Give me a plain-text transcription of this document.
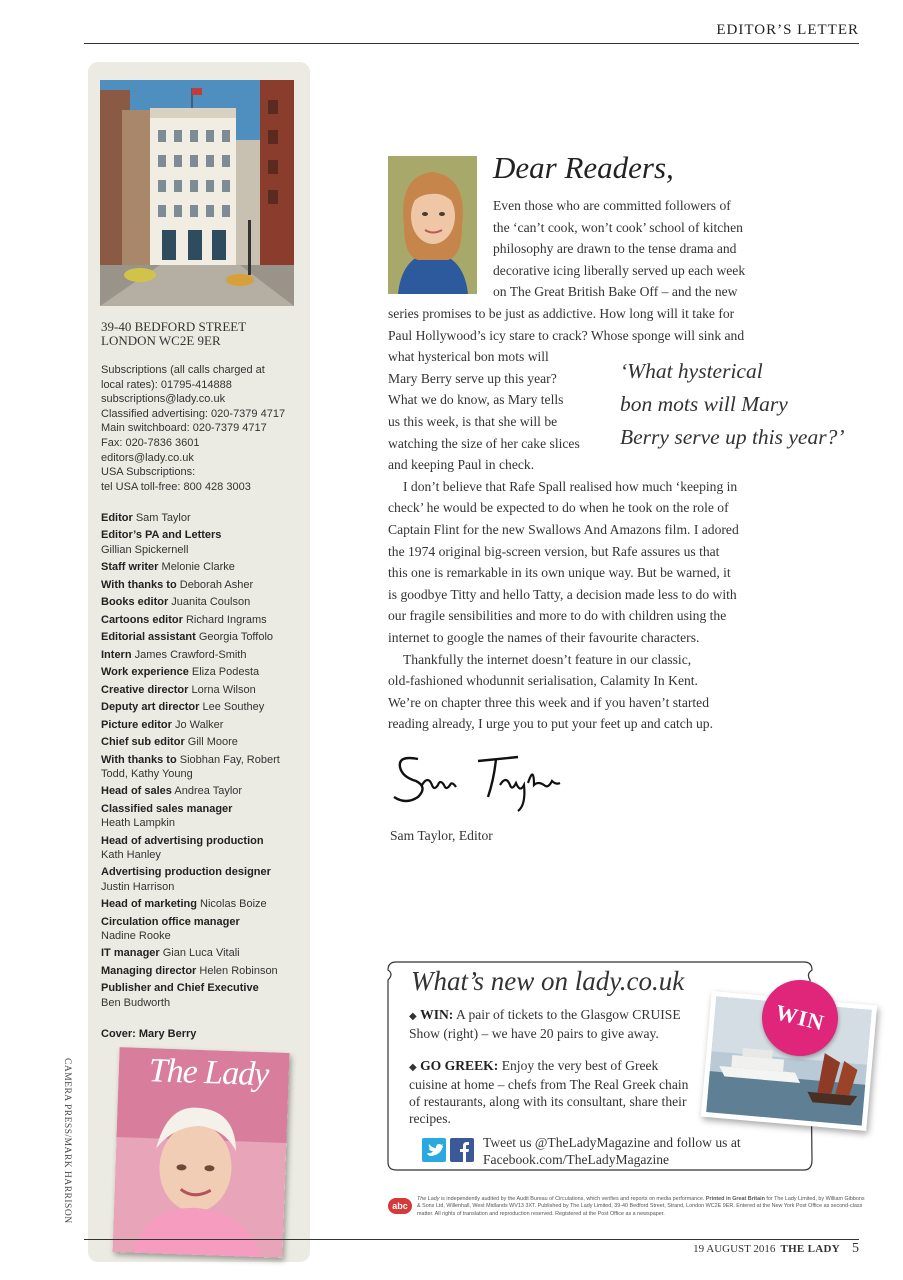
EDITOR’S LETTER
39-40 BEDFORD STREET
LONDON WC2E 9ER
Subscriptions (all calls charged at
local rates): 01795-414888
subscriptions@lady.co.uk
Classified advertising: 020-7379 4717
Main switchboard: 020-7379 4717
Fax: 020-7836 3601
editors@lady.co.uk
USA Subscriptions:
tel USA toll-free: 800 428 3003
Editor Sam Taylor
Editor’s PA and Letters
Gillian Spickernell
Staff writer Melonie Clarke
With thanks to Deborah Asher
Books editor Juanita Coulson
Cartoons editor Richard Ingrams
Editorial assistant Georgia Toffolo
Intern James Crawford-Smith
Work experience Eliza Podesta
Creative director Lorna Wilson
Deputy art director Lee Southey
Picture editor Jo Walker
Chief sub editor Gill Moore
With thanks to Siobhan Fay, Robert Todd, Kathy Young
Head of sales Andrea Taylor
Classified sales manager
Heath Lampkin
Head of advertising production
Kath Hanley
Advertising production designer
Justin Harrison
Head of marketing Nicolas Boize
Circulation office manager
Nadine Rooke
IT manager Gian Luca Vitali
Managing director Helen Robinson
Publisher and Chief Executive
Ben Budworth
Cover: Mary Berry
The Lady
CAMERA PRESS/MARK HARRISON
Dear Readers,
Even those who are committed followers of
the ‘can’t cook, won’t cook’ school of kitchen
philosophy are drawn to the tense drama and
decorative icing liberally served up each week
on The Great British Bake Off – and the new
series promises to be just as addictive. How long will it take for
Paul Hollywood’s icy stare to crack? Whose sponge will sink and
what hysterical bon mots will
Mary Berry serve up this year?
What we do know, as Mary tells
us this week, is that she will be
watching the size of her cake slices
and keeping Paul in check.
I don’t believe that Rafe Spall realised how much ‘keeping in
check’ he would be expected to do when he took on the role of
Captain Flint for the new Swallows And Amazons film. I adored
the 1974 original big-screen version, but Rafe assures us that
this one is remarkable in its own unique way. But be warned, it
is goodbye Titty and hello Tatty, a decision made less to do with
our fragile sensibilities and more to do with children using the
internet to google the names of their favourite characters.
Thankfully the internet doesn’t feature in our classic,
old-fashioned whodunnit serialisation, Calamity In Kent.
We’re on chapter three this week and if you haven’t started
reading already, I urge you to put your feet up and catch up.
‘What hysterical
bon mots will Mary
Berry serve up this year?’
Sam Taylor, Editor
What’s new on lady.co.uk
◆ WIN: A pair of tickets to the Glasgow CRUISE Show (right) – we have 20 pairs to give away.
◆ GO GREEK: Enjoy the very best of Greek cuisine at home – chefs from The Real Greek chain of restaurants, along with its consultant, share their recipes.
Tweet us @TheLadyMagazine and follow us at Facebook.com/TheLadyMagazine
WIN
abc
The Lady is independently audited by the Audit Bureau of Circulations, which verifies and reports on media performance. Printed in Great Britain for The Lady Limited, by William Gibbons & Sons Ltd, Willenhall, West Midlands WV13 3XT. Published by The Lady Limited, 39-40 Bedford Street, Strand, London WC2E 9ER. Entered at the New York Post Office as second-class matter. All rights of translation and reproduction reserved. Registered at the Post Office as a newspaper.
19 AUGUST 2016 THE LADY 5
